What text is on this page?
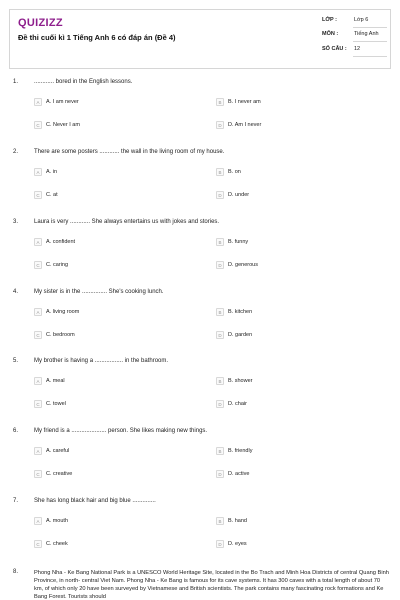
QUIZIZZ
Đề thi cuối kì 1 Tiếng Anh 6 có đáp án (Đề 4)
LỚP :	Lớp 6
MÔN :	Tiếng Anh
SỐ CÂU :	12
1.	............ bored in the English lessons.
A	A. I am never	B	B. I never am
C	C. Never I am	D	D. Am I never
2.	There are some posters ............ the wall in the living room of my house.
A	A. in	B	B. on
C	C. at	D	D. under
3.	Laura is very ............ She always entertains us with jokes and stories.
A	A. confident	B	B. funny
C	C. caring	D	D. generous
4.	My sister is in the ............... She's cooking lunch.
A	A. living room	B	B. kitchen
C	C. bedroom	D	D. garden
5.	My brother is having a ................. in the bathroom.
A	A. meal	B	B. shower
C	C. towel	D	D. chair
6.	My friend is a ..................... person. She likes making new things.
A	A. careful	B	B. friendly
C	C. creative	D	D. active
7.	She has long black hair and big blue ..............
A	A. mouth	B	B. hand
C	C. cheek	D	D. eyes
8.	Phong Nha - Ke Bang National Park is a UNESCO World Heritage Site, located in the Bo Trach and Minh Hoa Districts of central Quang Binh Province, in north- central Viet Nam. Phong Nha - Ke Bang is famous for its cave systems. It has 300 caves with a total length of about 70 km, of which only 20 have been surveyed by Vietnamese and British scientists. The park contains many fascinating rock formations and Ke Bang Forest. Tourists should
